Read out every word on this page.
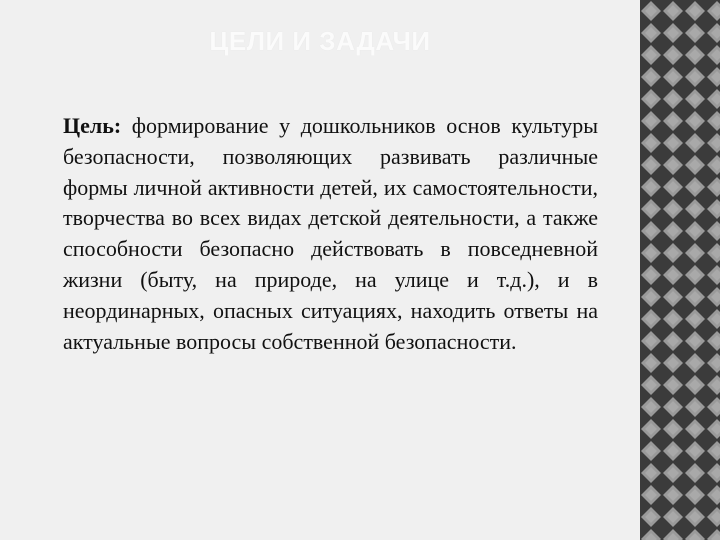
ЦЕЛИ И ЗАДАЧИ

Цель: формирование у дошкольников основ культуры безопасности, позволяющих развивать различные формы личной активности детей, их самостоятельности, творчества во всех видах детской деятельности, а также способности безопасно действовать в повседневной жизни (быту, на природе, на улице и т.д.), и в неординарных, опасных ситуациях, находить ответы на актуальные вопросы собственной безопасности.
